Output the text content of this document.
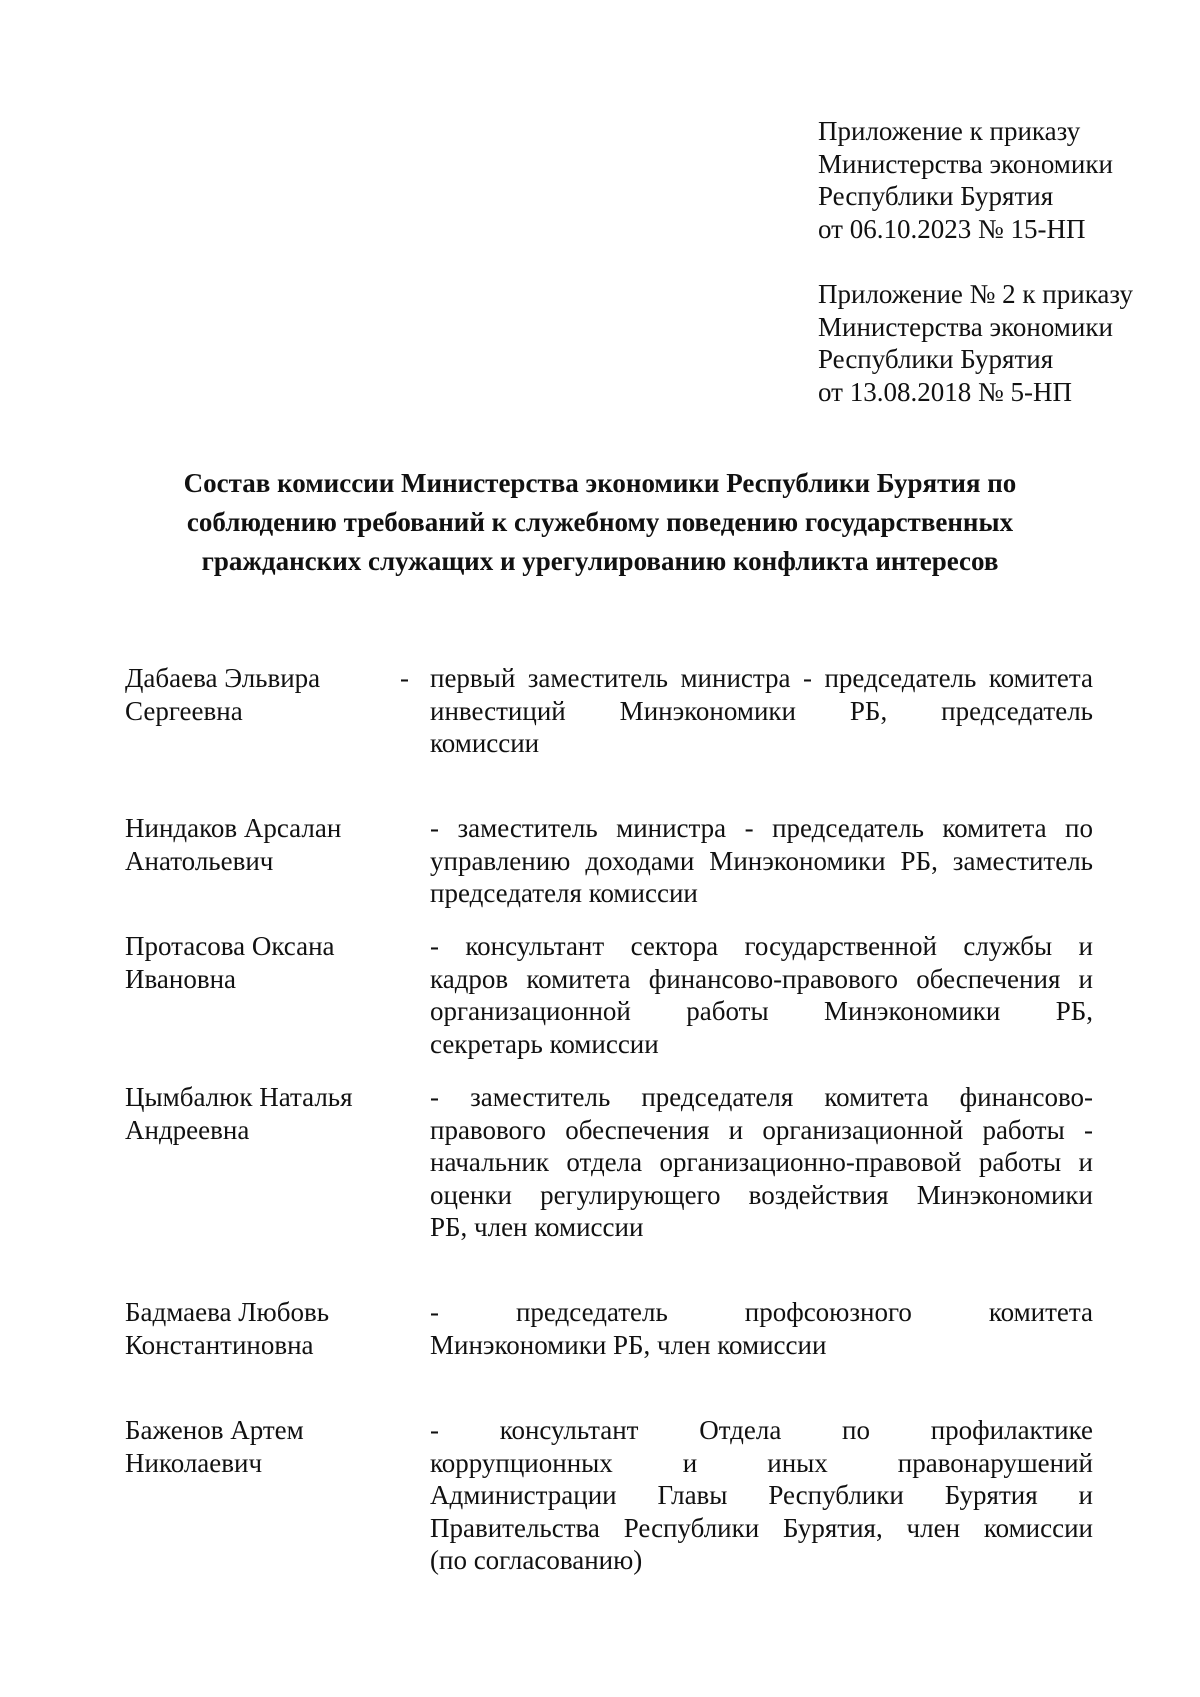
Приложение к приказу
Министерства экономики
Республики Бурятия
от 06.10.2023 № 15-НП
Приложение № 2 к приказу
Министерства экономики
Республики Бурятия
от 13.08.2018 № 5-НП
Состав комиссии Министерства экономики Республики Бурятия по соблюдению требований к служебному поведению государственных гражданских служащих и урегулированию конфликта интересов
Дабаева Эльвира
Сергеевна
- первый заместитель министра - председатель комитета
инвестиций Минэкономики РБ, председатель
комиссии
Ниндаков Арсалан
Анатольевич
- заместитель министра - председатель комитета по
управлению доходами Минэкономики РБ, заместитель
председателя комиссии
Протасова Оксана
Ивановна
- консультант сектора государственной службы и
кадров комитета финансово-правового обеспечения и
организационной работы Минэкономики РБ,
секретарь комиссии
Цымбалюк Наталья
Андреевна
- заместитель председателя комитета финансово-
правового обеспечения и организационной работы -
начальник отдела организационно-правовой работы и
оценки регулирующего воздействия Минэкономики
РБ, член комиссии
Бадмаева Любовь
Константиновна
- председатель профсоюзного комитета
Минэкономики РБ, член комиссии
Баженов Артем
Николаевич
- консультант Отдела по профилактике
коррупционных и иных правонарушений
Администрации Главы Республики Бурятия и
Правительства Республики Бурятия, член комиссии
(по согласованию)
